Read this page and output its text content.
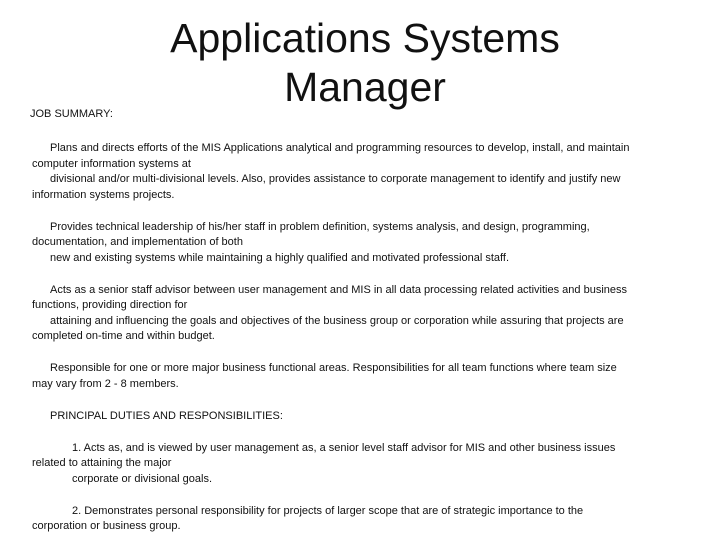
Applications Systems
Manager
JOB SUMMARY:
Plans and directs efforts of the MIS Applications analytical and programming resources to develop, install, and maintain
computer information systems at
divisional and/or multi-divisional levels. Also, provides assistance to corporate management to identify and justify new
information systems projects.
Provides technical leadership of his/her staff in problem definition, systems analysis, and design, programming,
documentation, and implementation of both
new and existing systems while maintaining a highly qualified and motivated professional staff.
Acts as a senior staff advisor between user management and MIS in all data processing related activities and business
functions, providing direction for
attaining and influencing the goals and objectives of the business group or corporation while assuring that projects are
completed on-time and within budget.
Responsible for one or more major business functional areas. Responsibilities for all team functions where team size
may vary from 2 - 8 members.
PRINCIPAL DUTIES AND RESPONSIBILITIES:
1. Acts as, and is viewed by user management as, a senior level staff advisor for MIS and other business issues
related to attaining the major
corporate or divisional goals.
2. Demonstrates personal responsibility for projects of larger scope that are of strategic importance to the
corporation or business group.
